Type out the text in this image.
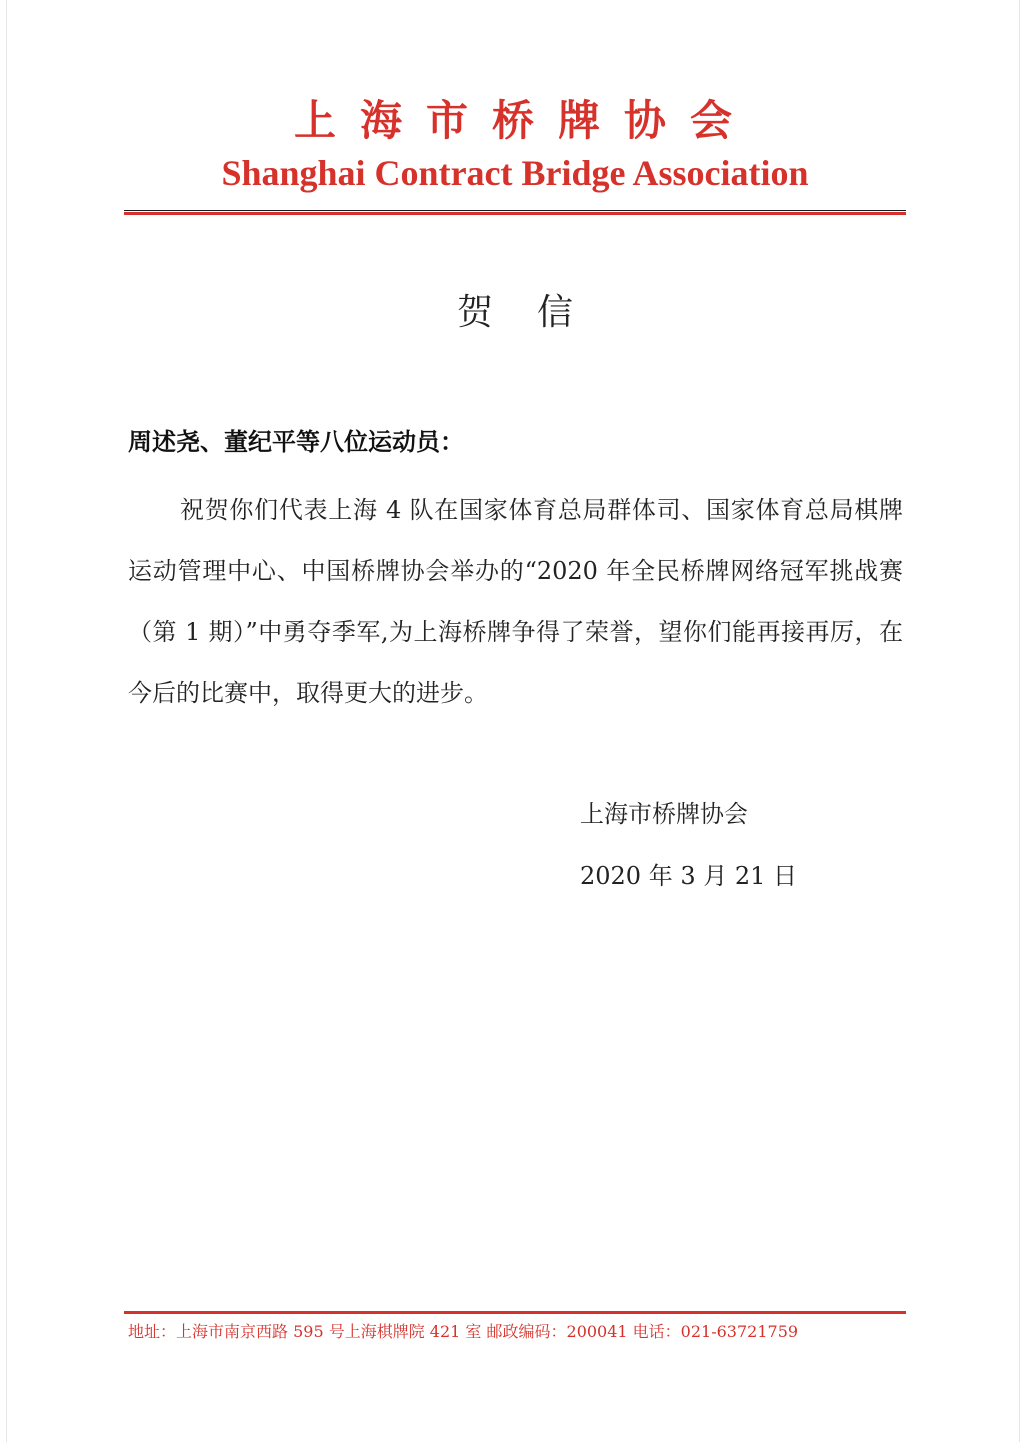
上海市桥牌协会
Shanghai Contract Bridge Association
贺信
周述尧、董纪平等八位运动员：
祝贺你们代表上海 4 队在国家体育总局群体司、国家体育总局棋牌运动管理中心、中国桥牌协会举办的“2020 年全民桥牌网络冠军挑战赛（第 1 期）”中勇夺季军,为上海桥牌争得了荣誉，望你们能再接再厉，在今后的比赛中，取得更大的进步。
上海市桥牌协会
2020 年 3 月 21 日
地址：上海市南京西路 595 号上海棋牌院 421 室 邮政编码：200041 电话：021-63721759
